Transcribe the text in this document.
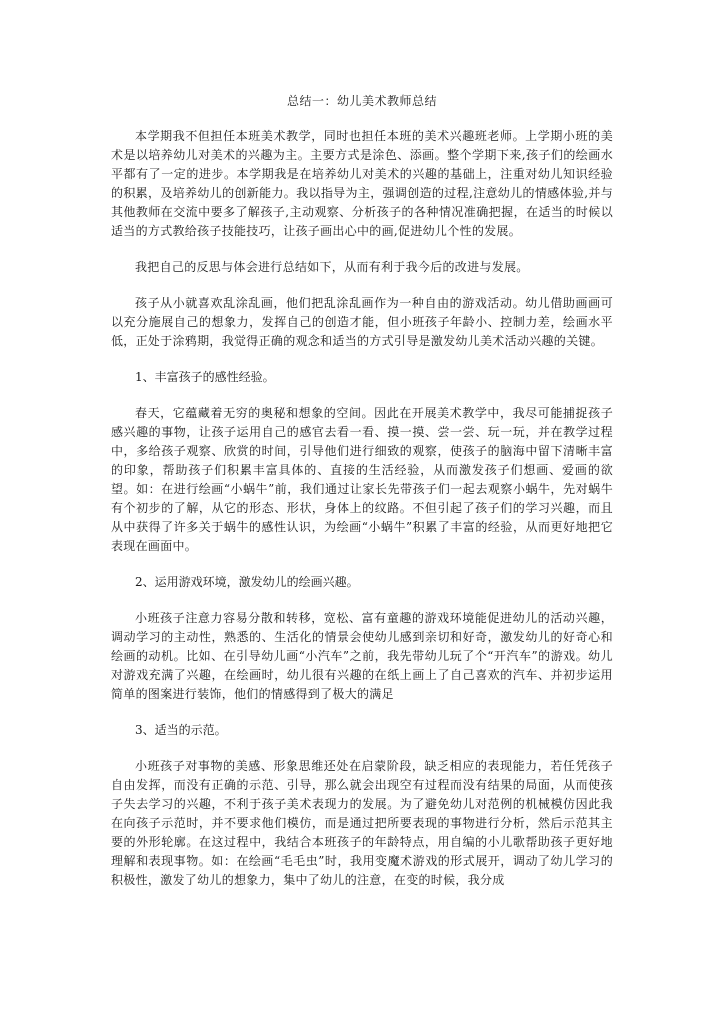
总结一：幼儿美术教师总结

本学期我不但担任本班美术教学，同时也担任本班的美术兴趣班老师。上学期小班的美术是以培养幼儿对美术的兴趣为主。主要方式是涂色、添画。整个学期下来,孩子们的绘画水平都有了一定的进步。本学期我是在培养幼儿对美术的兴趣的基础上，注重对幼儿知识经验的积累，及培养幼儿的创新能力。我以指导为主，强调创造的过程,注意幼儿的情感体验,并与其他教师在交流中要多了解孩子,主动观察、分析孩子的各种情况准确把握，在适当的时候以适当的方式教给孩子技能技巧，让孩子画出心中的画,促进幼儿个性的发展。

我把自己的反思与体会进行总结如下，从而有利于我今后的改进与发展。

孩子从小就喜欢乱涂乱画，他们把乱涂乱画作为一种自由的游戏活动。幼儿借助画画可以充分施展自己的想象力，发挥自己的创造才能，但小班孩子年龄小、控制力差，绘画水平低，正处于涂鸦期，我觉得正确的观念和适当的方式引导是激发幼儿美术活动兴趣的关键。

1、丰富孩子的感性经验。

春天，它蕴藏着无穷的奥秘和想象的空间。因此在开展美术教学中，我尽可能捕捉孩子感兴趣的事物，让孩子运用自己的感官去看一看、摸一摸、尝一尝、玩一玩，并在教学过程中，多给孩子观察、欣赏的时间，引导他们进行细致的观察，使孩子的脑海中留下清晰丰富的印象，帮助孩子们积累丰富具体的、直接的生活经验，从而激发孩子们想画、爱画的欲望。如：在进行绘画“小蜗牛”前，我们通过让家长先带孩子们一起去观察小蜗牛，先对蜗牛有个初步的了解，从它的形态、形状，身体上的纹路。不但引起了孩子们的学习兴趣，而且从中获得了许多关于蜗牛的感性认识，为绘画“小蜗牛”积累了丰富的经验，从而更好地把它表现在画面中。

2、运用游戏环境，激发幼儿的绘画兴趣。

小班孩子注意力容易分散和转移，宽松、富有童趣的游戏环境能促进幼儿的活动兴趣，调动学习的主动性，熟悉的、生活化的情景会使幼儿感到亲切和好奇，激发幼儿的好奇心和绘画的动机。比如、在引导幼儿画“小汽车”之前，我先带幼儿玩了个“开汽车”的游戏。幼儿对游戏充满了兴趣，在绘画时，幼儿很有兴趣的在纸上画上了自己喜欢的汽车、并初步运用简单的图案进行装饰，他们的情感得到了极大的满足

3、适当的示范。

小班孩子对事物的美感、形象思维还处在启蒙阶段，缺乏相应的表现能力，若任凭孩子自由发挥，而没有正确的示范、引导，那么就会出现空有过程而没有结果的局面，从而使孩子失去学习的兴趣，不利于孩子美术表现力的发展。为了避免幼儿对范例的机械模仿因此我在向孩子示范时，并不要求他们模仿，而是通过把所要表现的事物进行分析，然后示范其主要的外形轮廓。在这过程中，我结合本班孩子的年龄特点，用自编的小儿歌帮助孩子更好地理解和表现事物。如：在绘画“毛毛虫”时，我用变魔术游戏的形式展开，调动了幼儿学习的积极性，激发了幼儿的想象力，集中了幼儿的注意，在变的时候，我分成
